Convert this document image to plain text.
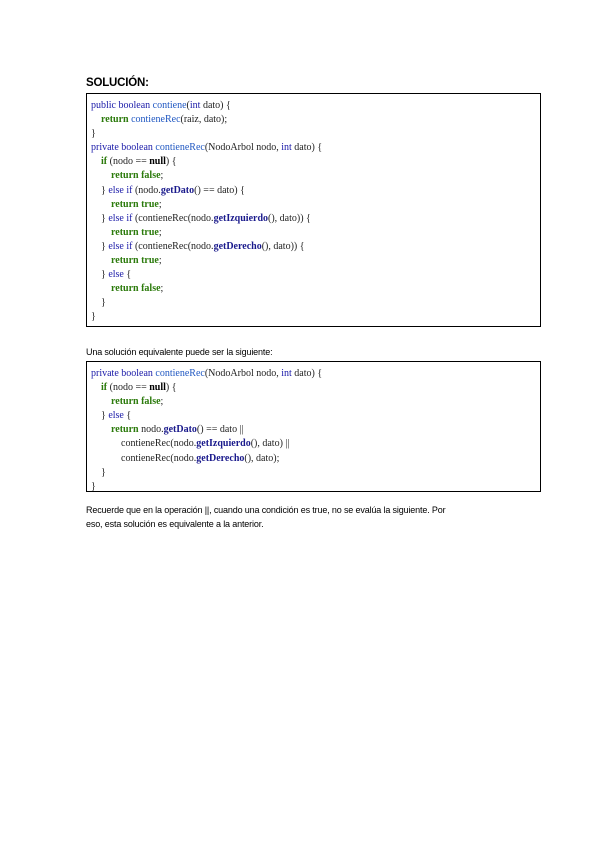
SOLUCIÓN:
public boolean contiene(int dato) {
return contieneRec(raiz, dato);
}
private boolean contieneRec(NodoArbol nodo, int dato) {
if (nodo == null) {
return false;
} else if (nodo.getDato() == dato) {
return true;
} else if (contieneRec(nodo.getIzquierdo(), dato)) {
return true;
} else if (contieneRec(nodo.getDerecho(), dato)) {
return true;
} else {
return false;
}
}
Una solución equivalente puede ser la siguiente:
private boolean contieneRec(NodoArbol nodo, int dato) {
if (nodo == null) {
return false;
} else {
return nodo.getDato() == dato ||
contieneRec(nodo.getIzquierdo(), dato) ||
contieneRec(nodo.getDerecho(), dato);
}
}
Recuerde que en la operación ||, cuando una condición es true, no se evalúa la siguiente. Por
eso, esta solución es equivalente a la anterior.
